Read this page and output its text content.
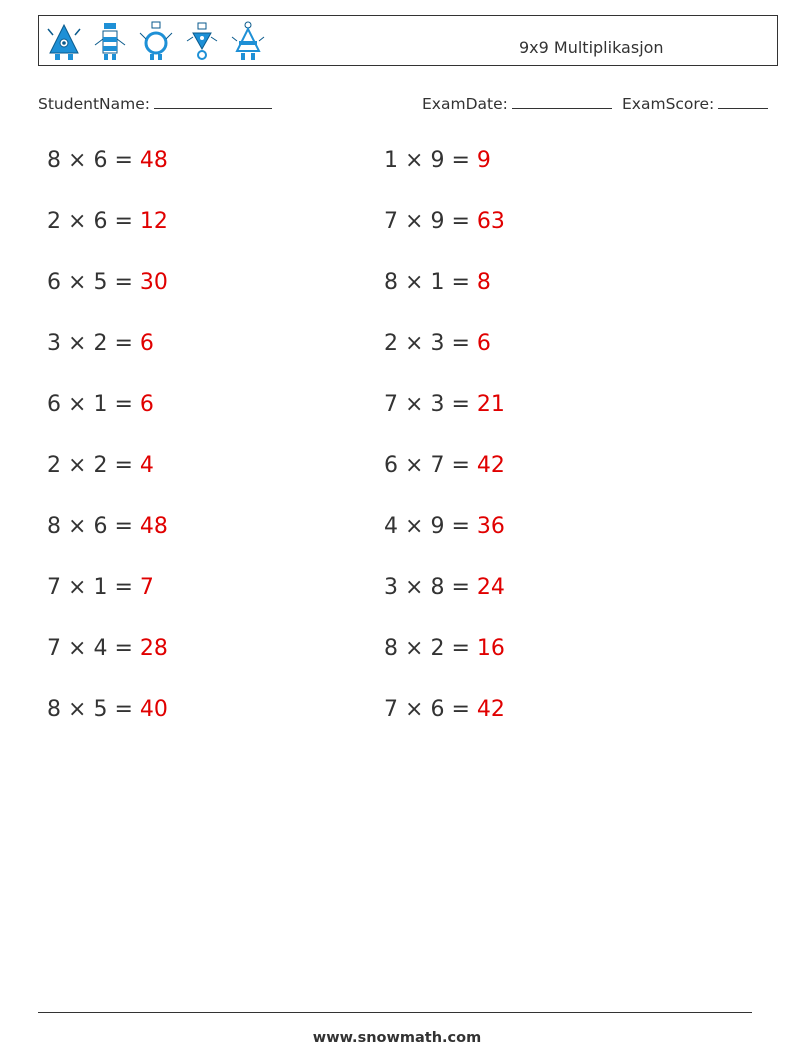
9x9 Multiplikasjon
StudentName:	ExamDate:	ExamScore:
8 × 6 = 48
2 × 6 = 12
6 × 5 = 30
3 × 2 = 6
6 × 1 = 6
2 × 2 = 4
8 × 6 = 48
7 × 1 = 7
7 × 4 = 28
8 × 5 = 40
1 × 9 = 9
7 × 9 = 63
8 × 1 = 8
2 × 3 = 6
7 × 3 = 21
6 × 7 = 42
4 × 9 = 36
3 × 8 = 24
8 × 2 = 16
7 × 6 = 42
www.snowmath.com
